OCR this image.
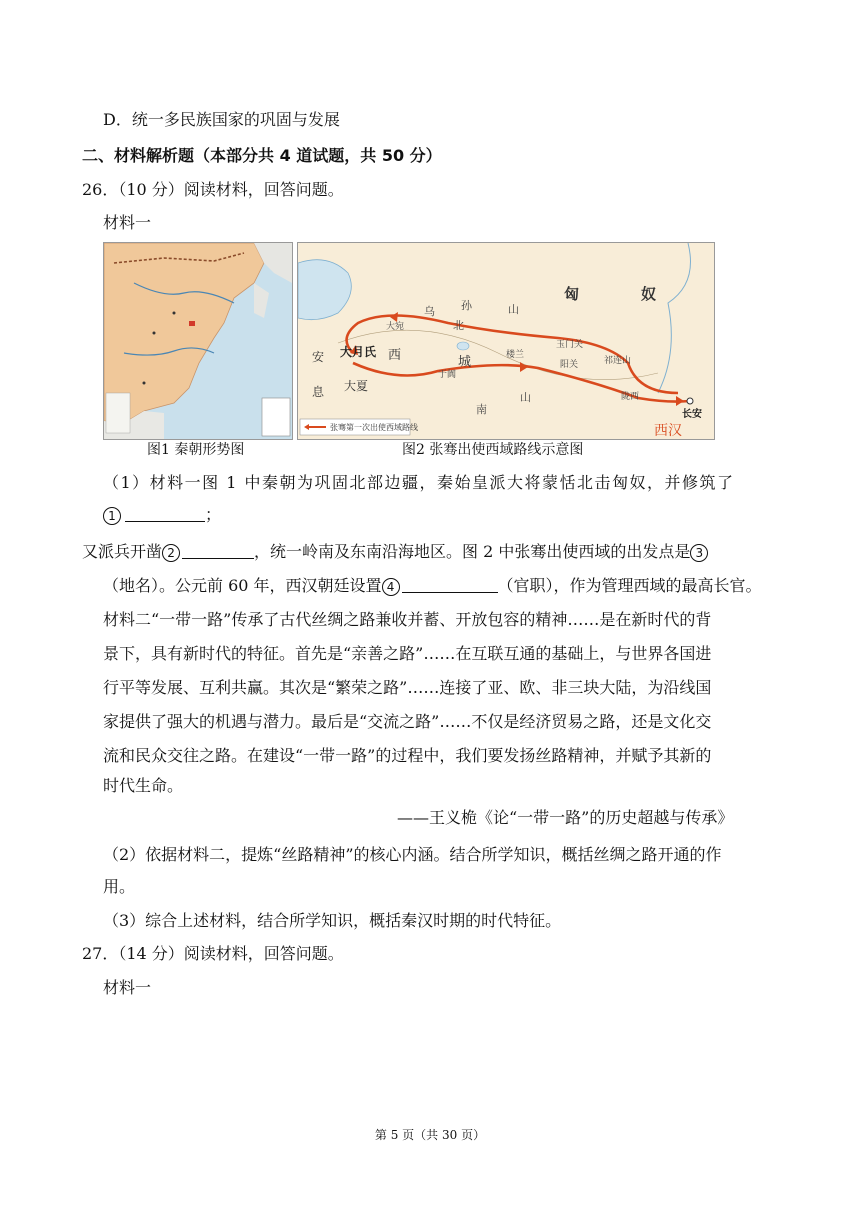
D．统一多民族国家的巩固与发展
二、材料解析题（本部分共 4 道试题，共 50 分）
26．（10 分）阅读材料，回答问题。
材料一
匈	奴
乌 孙	山
北
大宛
大月氏 西	城
安
息 大夏
于阗
楼兰
玉门关
阳关	祁连山
陇西
长安
南
山
西汉
张骞第一次出使西域路线
图1 秦朝形势图	图2 张骞出使西域路线示意图
（1）材料一图 1 中秦朝为巩固北部边疆，秦始皇派大将蒙恬北击匈奴，并修筑了
1	；
又派兵开凿 2	，统一岭南及东南沿海地区。图 2 中张骞出使西域的出发点是 3
（地名）。公元前 60 年，西汉朝廷设置 4	（官职），作为管理西域的最高长官。
材料二“一带一路”传承了古代丝绸之路兼收并蓄、开放包容的精神……是在新时代的背
景下，具有新时代的特征。首先是“亲善之路”……在互联互通的基础上，与世界各国进
行平等发展、互利共赢。其次是“繁荣之路”……连接了亚、欧、非三块大陆，为沿线国
家提供了强大的机遇与潜力。最后是“交流之路”……不仅是经济贸易之路，还是文化交
流和民众交往之路。在建设“一带一路”的过程中，我们要发扬丝路精神，并赋予其新的
时代生命。
——王义桅《论“一带一路”的历史超越与传承》
（2）依据材料二，提炼“丝路精神”的核心内涵。结合所学知识，概括丝绸之路开通的作
用。
（3）综合上述材料，结合所学知识，概括秦汉时期的时代特征。
27．（14 分）阅读材料，回答问题。
材料一
第 5 页（共 30 页）
